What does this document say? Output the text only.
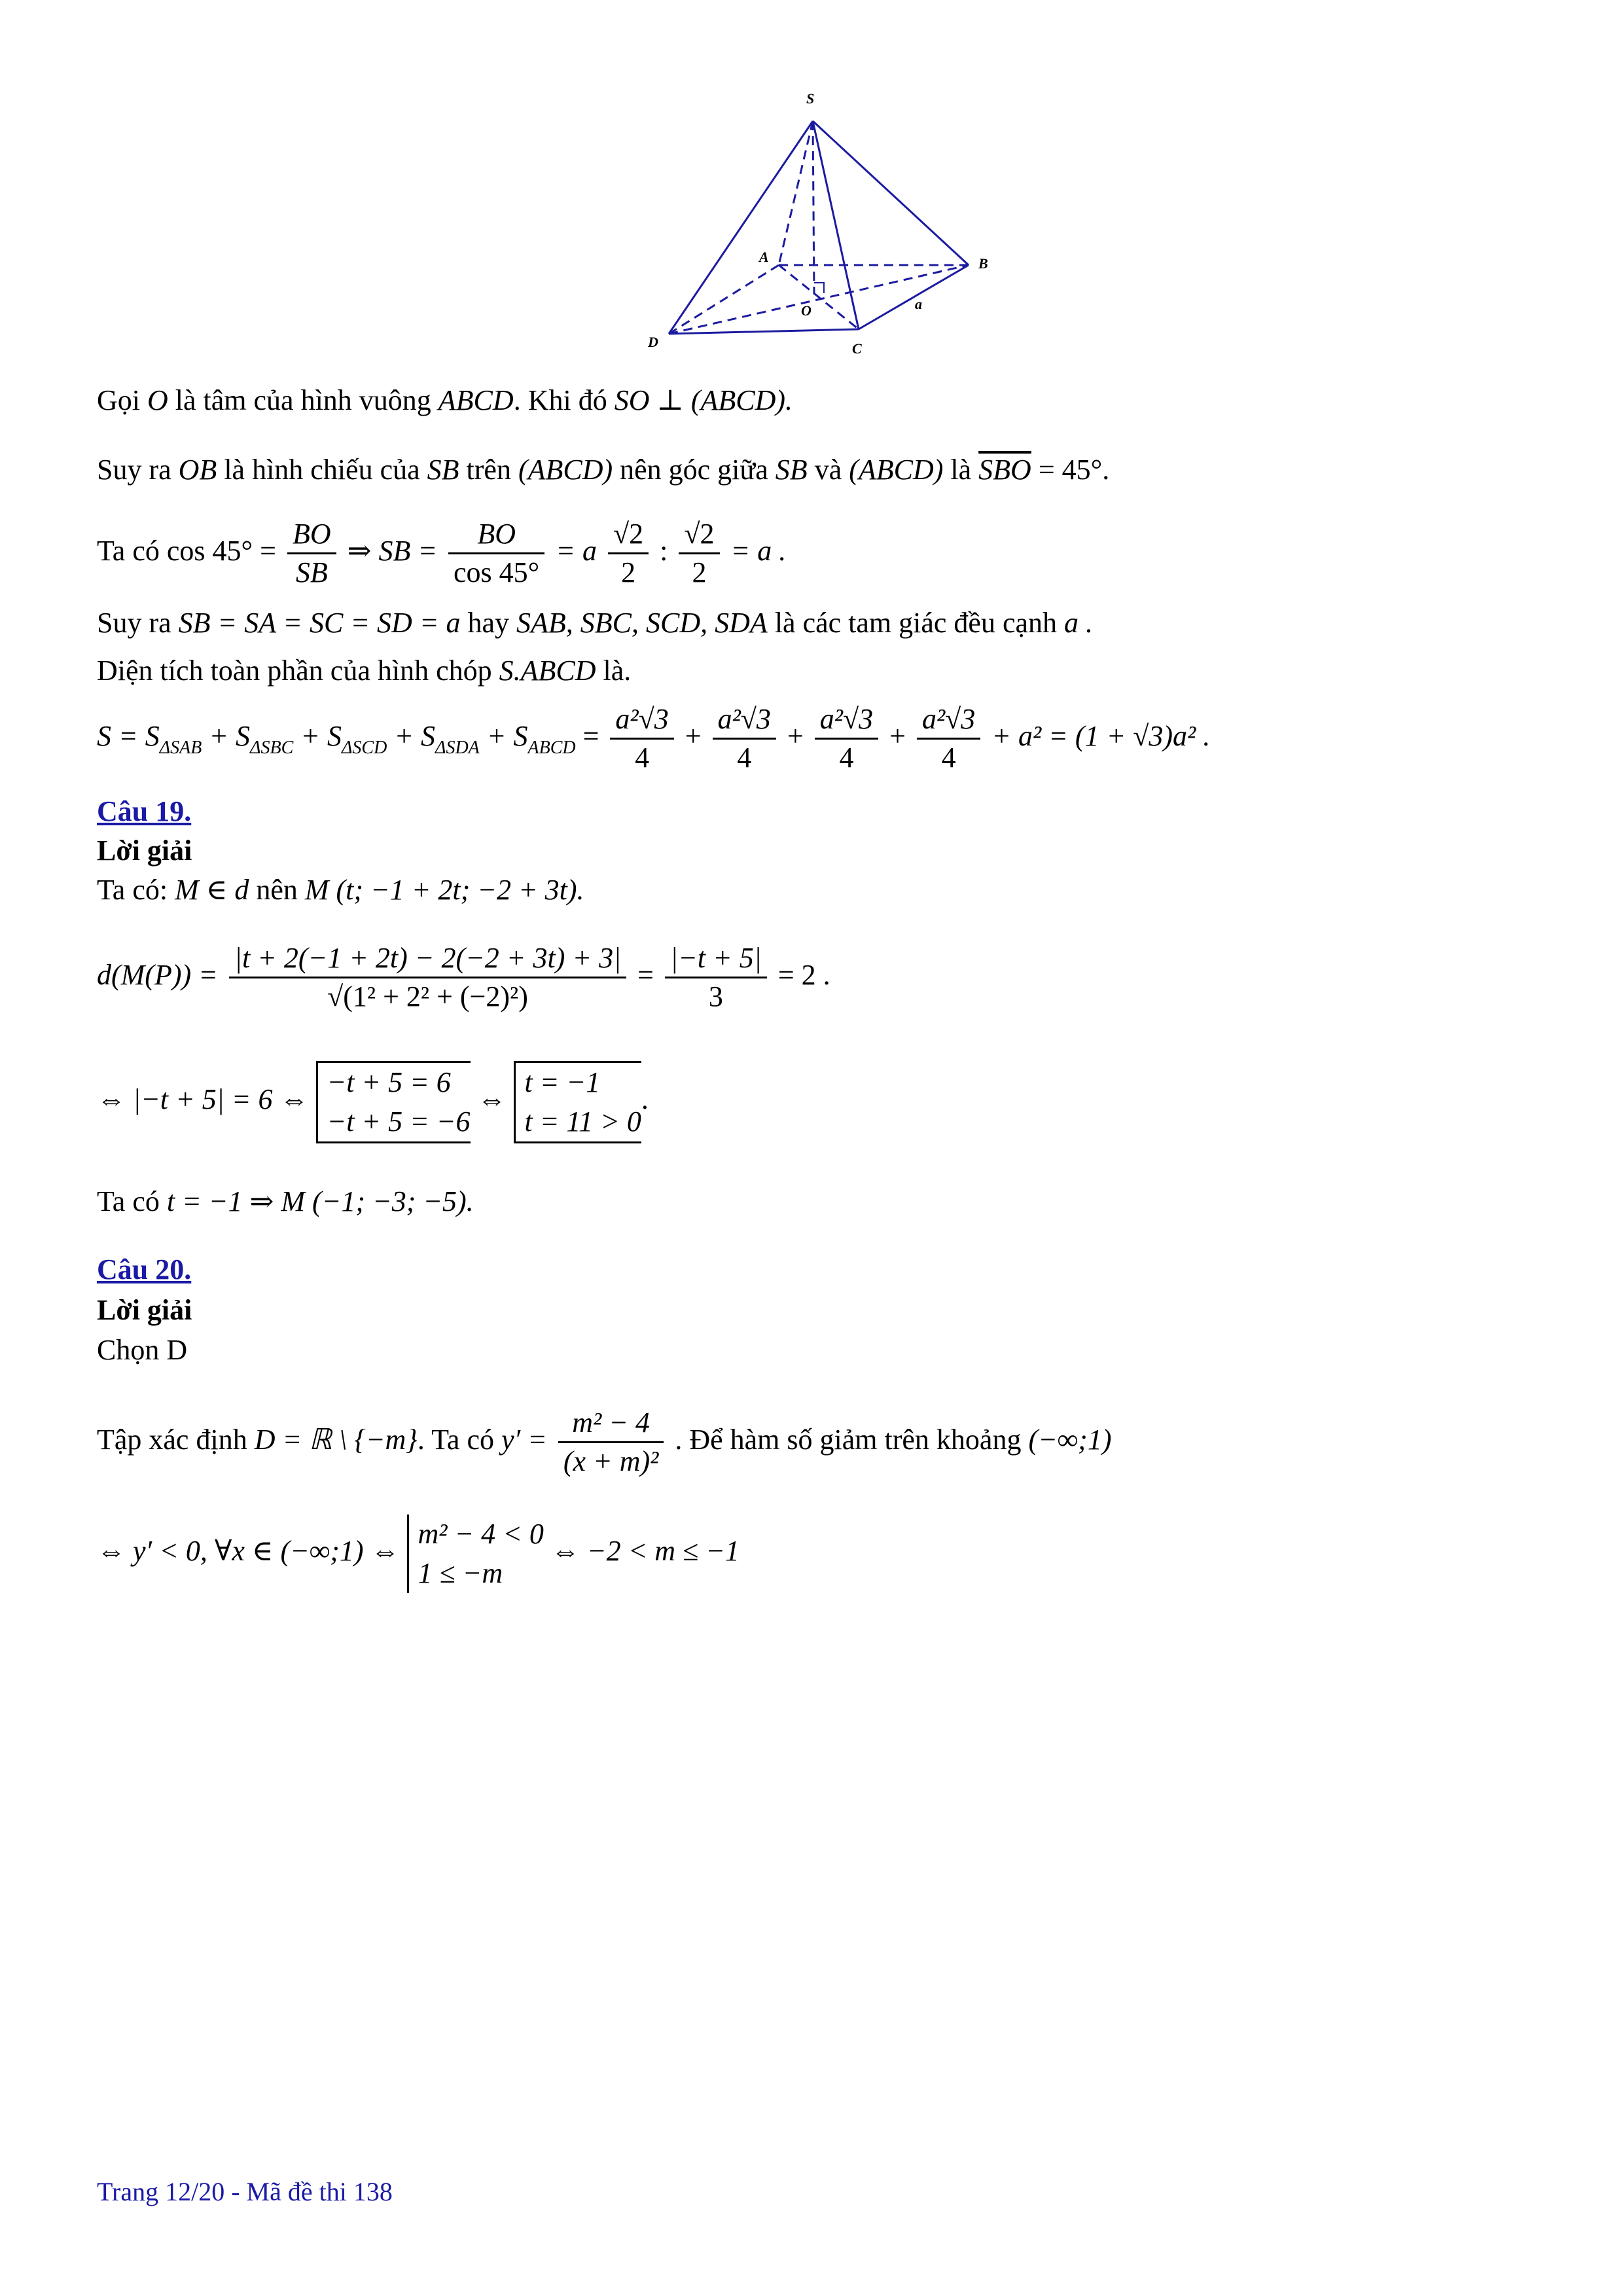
S
A	B
C
D
O	a
Gọi O là tâm của hình vuông ABCD. Khi đó SO ⊥ (ABCD).
Suy ra OB là hình chiếu của SB trên (ABCD) nên góc giữa SB và (ABCD) là $\overline{SBO} = 45^\circ$.
Ta có $\cos 45^\circ = \frac{BO}{SB}$ ⇒ SB = $\frac{BO}{\cos 45^\circ} = a \frac{√2}{2}$ : $\frac{√2}{2} = a$ .
Suy ra SB = SA = SC = SD = a hay SAB, SBC, SCD, SDA là các tam giác đều cạnh a .
Diện tích toàn phần của hình chóp S.ABCD là.
$S = S_{\Delta SAB} + S_{\Delta SBC} + S_{\Delta SCD} + S_{\Delta SDA} + S_{ABCD} = \frac{\text{a²√3}}{4} + \frac{\text{a²√3}}{4} + \frac{\text{a²√3}}{4} + \frac{\text{a²√3}}{4} + a^2 = (1 + √3)a^2$ .
Câu 19.
Lời giải
Ta có: M ∈ d nên M (t; −1 + 2t; −2 + 3t).
$d(M(P)) = \frac{|t + 2(-1 + 2t) - 2(-2 + 3t) + 3|}{\text{√(1² + 2² + (−2)²)}} = \frac{|-t + 5|}{3} = 2$ .
⇔ |−t + 5| = 6 ⇔ −t + 5 = 6
−t + 5 = −6 ⇔ t = −1
t = 11 > 0.
Ta có t = −1 ⇒ M (−1; −3; −5).
Câu 20.
Lời giải
Chọn D
Tập xác định D = ℝ \ {−m}. Ta có $y' = \frac{\text{m² − 4}}{\text{(x + m)²}}$ . Để hàm số giảm trên khoảng (−∞;1)
⇔ y′ < 0, ∀x ∈ (−∞;1) ⇔ m² − 4 < 0
1 ≤ −m ⇔ −2 < m ≤ −1
Trang 12/20 - Mã đề thi 138
